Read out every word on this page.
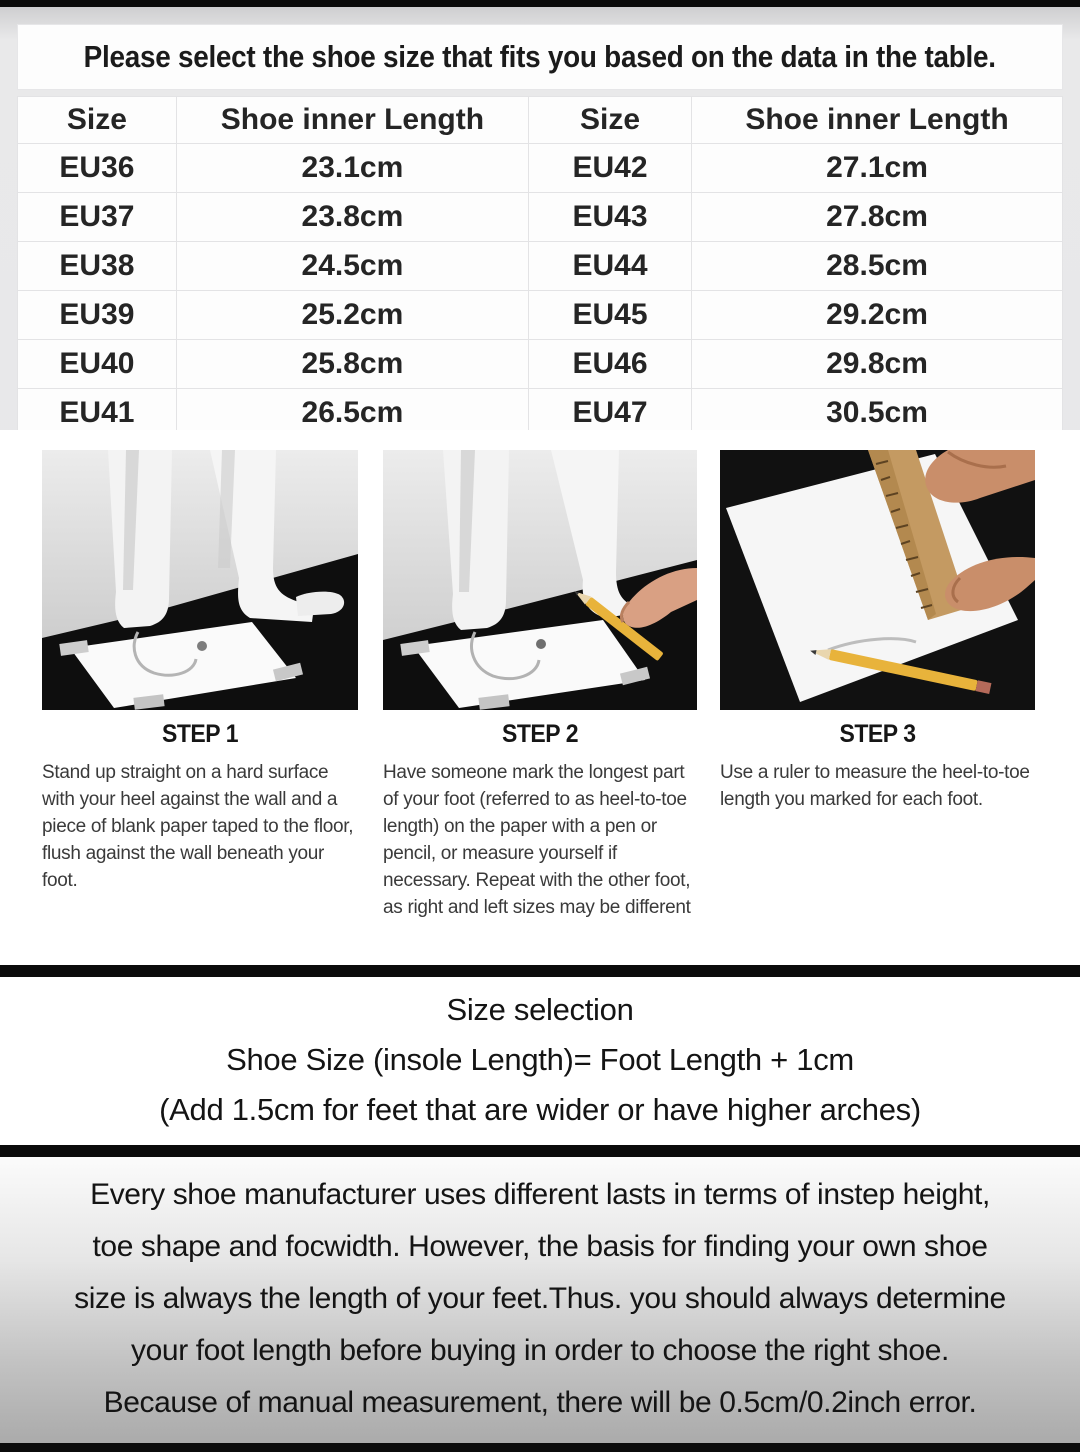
Please select the shoe size that fits you based on the data in the table.
Size	Shoe inner Length	Size	Shoe inner Length
EU36	23.1cm	EU42	27.1cm
EU37	23.8cm	EU43	27.8cm
EU38	24.5cm	EU44	28.5cm
EU39	25.2cm	EU45	29.2cm
EU40	25.8cm	EU46	29.8cm
EU41	26.5cm	EU47	30.5cm
STEP 1
Stand up straight on a hard surface with your heel against the wall and a piece of blank paper taped to the floor, flush against the wall beneath your foot.
STEP 2
Have someone mark the longest part of your foot (referred to as heel-to-toe length) on the paper with a pen or pencil, or measure yourself if necessary. Repeat with the other foot, as right and left sizes may be different
STEP 3
Use a ruler to measure the heel-to-toe length you marked for each foot.
Size selection
Shoe Size (insole Length)= Foot Length + 1cm
(Add 1.5cm for feet that are wider or have higher arches)
Every shoe manufacturer uses different lasts in terms of instep height,
toe shape and focwidth. However, the basis for finding your own shoe
size is always the length of your feet.Thus. you should always determine
your foot length before buying in order to choose the right shoe.
Because of manual measurement, there will be 0.5cm/0.2inch error.
